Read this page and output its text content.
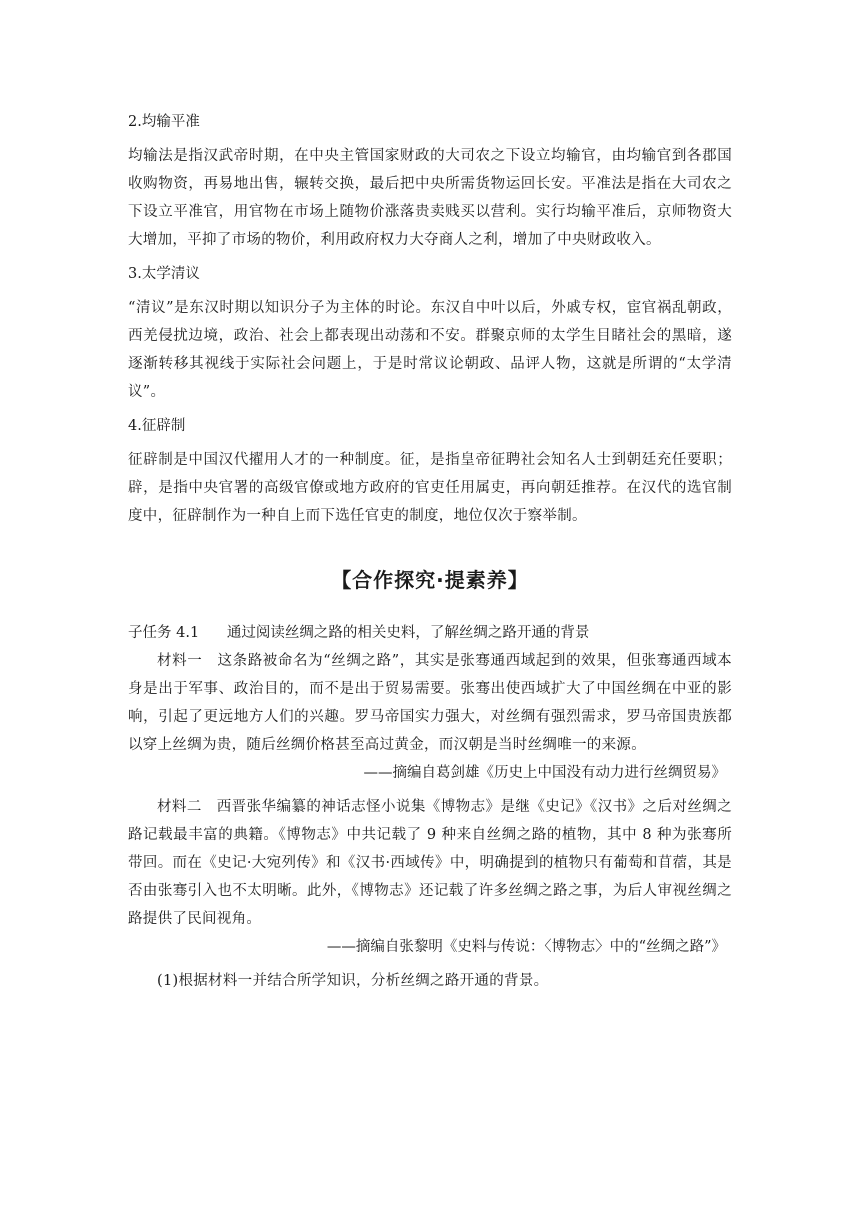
2.均输平准

均输法是指汉武帝时期，在中央主管国家财政的大司农之下设立均输官，由均输官到各郡国收购物资，再易地出售，辗转交换，最后把中央所需货物运回长安。平准法是指在大司农之下设立平准官，用官物在市场上随物价涨落贵卖贱买以营利。实行均输平准后，京师物资大大增加，平抑了市场的物价，利用政府权力大夺商人之利，增加了中央财政收入。

3.太学清议

“清议”是东汉时期以知识分子为主体的时论。东汉自中叶以后，外戚专权，宦官祸乱朝政，西羌侵扰边境，政治、社会上都表现出动荡和不安。群聚京师的太学生目睹社会的黑暗，遂逐渐转移其视线于实际社会问题上，于是时常议论朝政、品评人物，这就是所谓的“太学清议”。

4.征辟制

征辟制是中国汉代擢用人才的一种制度。征，是指皇帝征聘社会知名人士到朝廷充任要职；辟，是指中央官署的高级官僚或地方政府的官吏任用属吏，再向朝廷推荐。在汉代的选官制度中，征辟制作为一种自上而下选任官吏的制度，地位仅次于察举制。

【合作探究·提素养】

子任务 4.1 通过阅读丝绸之路的相关史料，了解丝绸之路开通的背景

材料一　 这条路被命名为“丝绸之路”，其实是张骞通西域起到的效果，但张骞通西域本身是出于军事、政治目的，而不是出于贸易需要。张骞出使西域扩大了中国丝绸在中亚的影响，引起了更远地方人们的兴趣。罗马帝国实力强大，对丝绸有强烈需求，罗马帝国贵族都以穿上丝绸为贵，随后丝绸价格甚至高过黄金，而汉朝是当时丝绸唯一的来源。

——摘编自葛剑雄《历史上中国没有动力进行丝绸贸易》

材料二　 西晋张华编纂的神话志怪小说集《博物志》是继《史记》《汉书》之后对丝绸之路记载最丰富的典籍。《博物志》中共记载了 9 种来自丝绸之路的植物，其中 8 种为张骞所带回。而在《史记·大宛列传》和《汉书·西域传》中，明确提到的植物只有葡萄和苜蓿，其是否由张骞引入也不太明晰。此外，《博物志》还记载了许多丝绸之路之事，为后人审视丝绸之路提供了民间视角。

——摘编自张黎明《史料与传说：〈博物志〉中的“丝绸之路”》

(1)根据材料一并结合所学知识，分析丝绸之路开通的背景。
